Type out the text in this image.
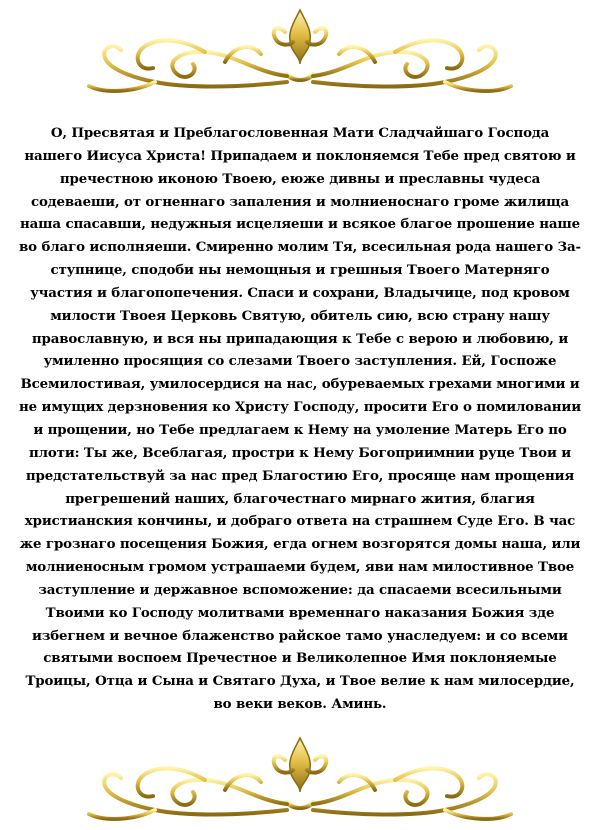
О, Пресвятая и Преблагословенная Мати Сладчайшаго Господа
нашего Иисуса Христа! Припадаем и поклоняемся Тебе пред святою и
пречестною иконою Твоею, еюже дивны и преславны чудеса
содеваеши, от огненнаго запаления и молниеноснаго громе жилища
наша спасавши, недужныя исцеляеши и всякое благое прошение наше
во благо исполняеши. Смиренно молим Тя, всесильная рода нашего За-
ступнице, сподоби ны немощныя и грешныя Твоего Матерняго
участия и благопопечения. Спаси и сохрани, Владычице, под кровом
милости Твоея Церковь Святую, обитель сию, всю страну нашу
православную, и вся ны припадающия к Тебе с верою и любовию, и
умиленно просящия со слезами Твоего заступления. Ей, Госпоже
Всемилостивая, умилосердися на нас, обуреваемых грехами многими и
не имущих дерзновения ко Христу Господу, просити Его о помиловании
и прощении, но Тебе предлагаем к Нему на умоление Матерь Его по
плоти: Ты же, Всеблагая, простри к Нему Богоприимнии руце Твои и
предстательствуй за нас пред Благостию Его, просяще нам прощения
прегрешений наших, благочестнаго мирнаго жития, благия
христианския кончины, и добраго ответа на страшнем Суде Его. В час
же грознаго посещения Божия, егда огнем возгорятся домы наша, или
молниеносным громом устрашаеми будем, яви нам милостивное Твое
заступление и державное вспоможение: да спасаеми всесильными
Твоими ко Господу молитвами временнаго наказания Божия зде
избегнем и вечное блаженство райское тамо унаследуем: и со всеми
святыми воспоем Пречестное и Великолепное Имя поклоняемые
Троицы, Отца и Сына и Святаго Духа, и Твое велие к нам милосердие,
во веки веков. Аминь.
